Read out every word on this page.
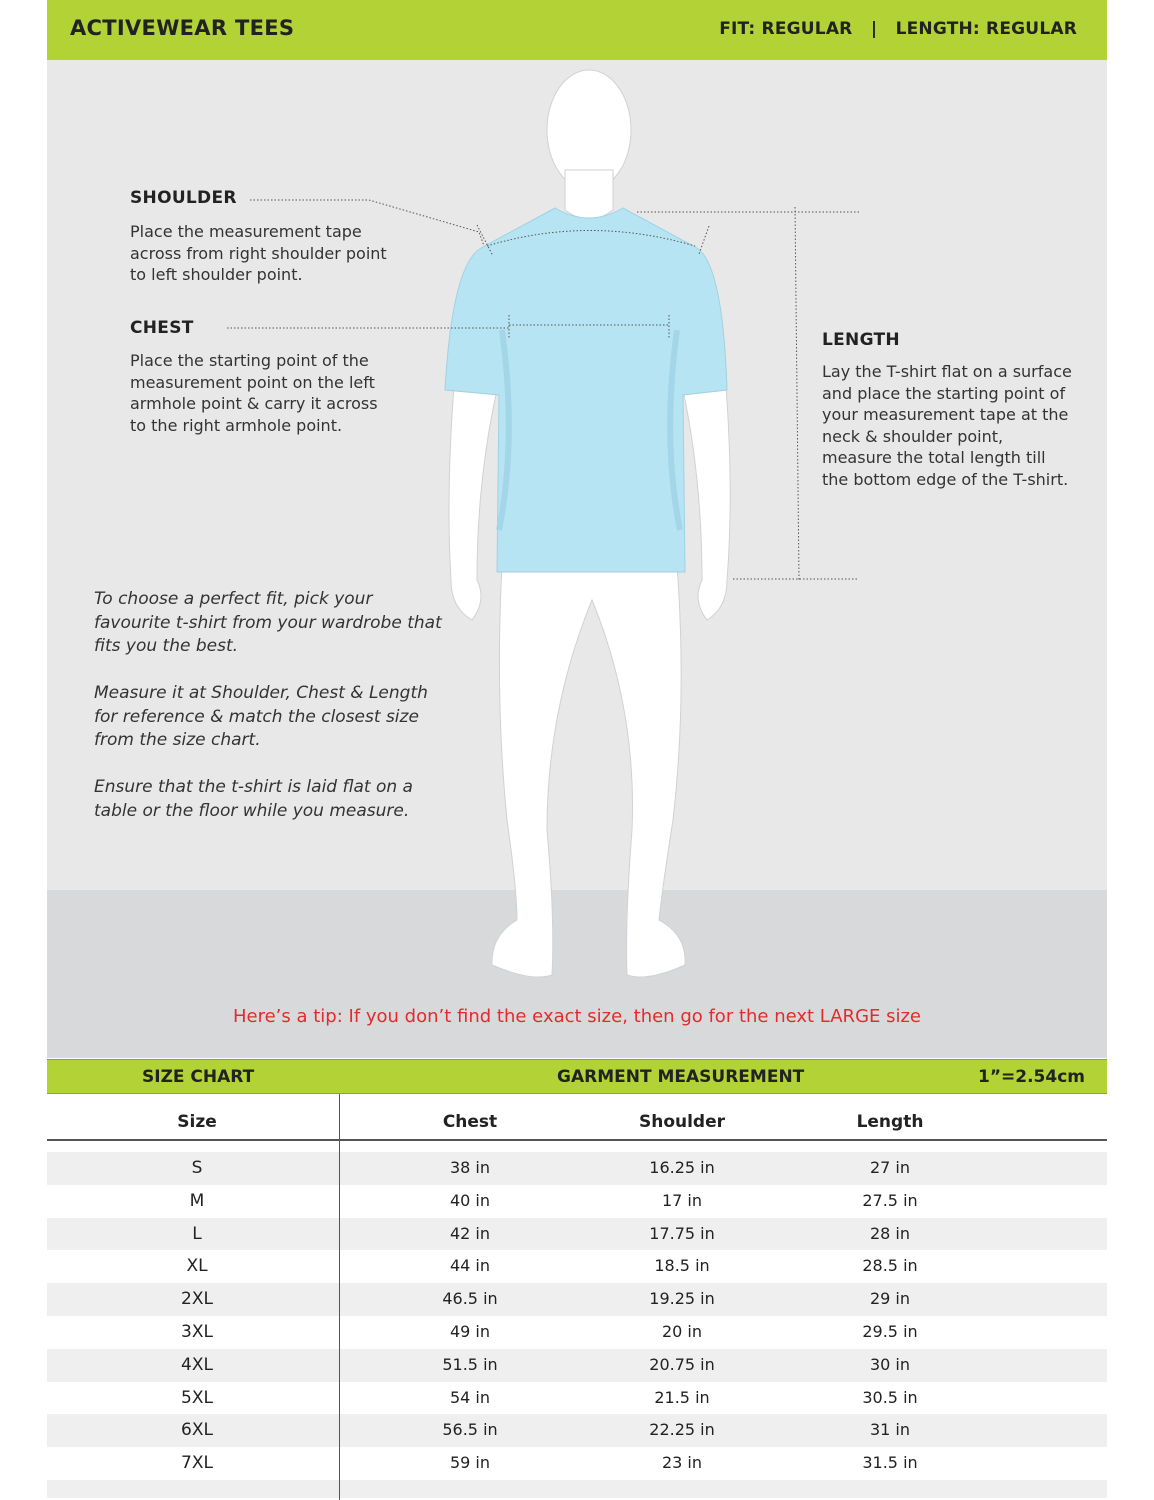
ACTIVEWEAR TEES	FIT: REGULAR   |   LENGTH: REGULAR
SHOULDER
Place the measurement tape across from right shoulder point to left shoulder point.
CHEST
Place the starting point of the measurement point on the left armhole point & carry it across to the right armhole point.
LENGTH
Lay the T-shirt flat on a surface and place the starting point of your measurement tape at the neck & shoulder point, measure the total length till the bottom edge of the T-shirt.

To choose a perfect fit, pick your favourite t-shirt from your wardrobe that fits you the best.

Measure it at Shoulder, Chest & Length for reference & match the closest size from the size chart.

Ensure that the t-shirt is laid flat on a table or the floor while you measure.

Here’s a tip: If you don’t find the exact size, then go for the next LARGE size
SIZE CHART	GARMENT MEASUREMENT	1”=2.54cm
Size	Chest	Shoulder	Length
S	38 in	16.25 in	27 in
M	40 in	17 in	27.5 in
L	42 in	17.75 in	28 in
XL	44 in	18.5 in	28.5 in
2XL	46.5 in	19.25 in	29 in
3XL	49 in	20 in	29.5 in
4XL	51.5 in	20.75 in	30 in
5XL	54 in	21.5 in	30.5 in
6XL	56.5 in	22.25 in	31 in
7XL	59 in	23 in	31.5 in
